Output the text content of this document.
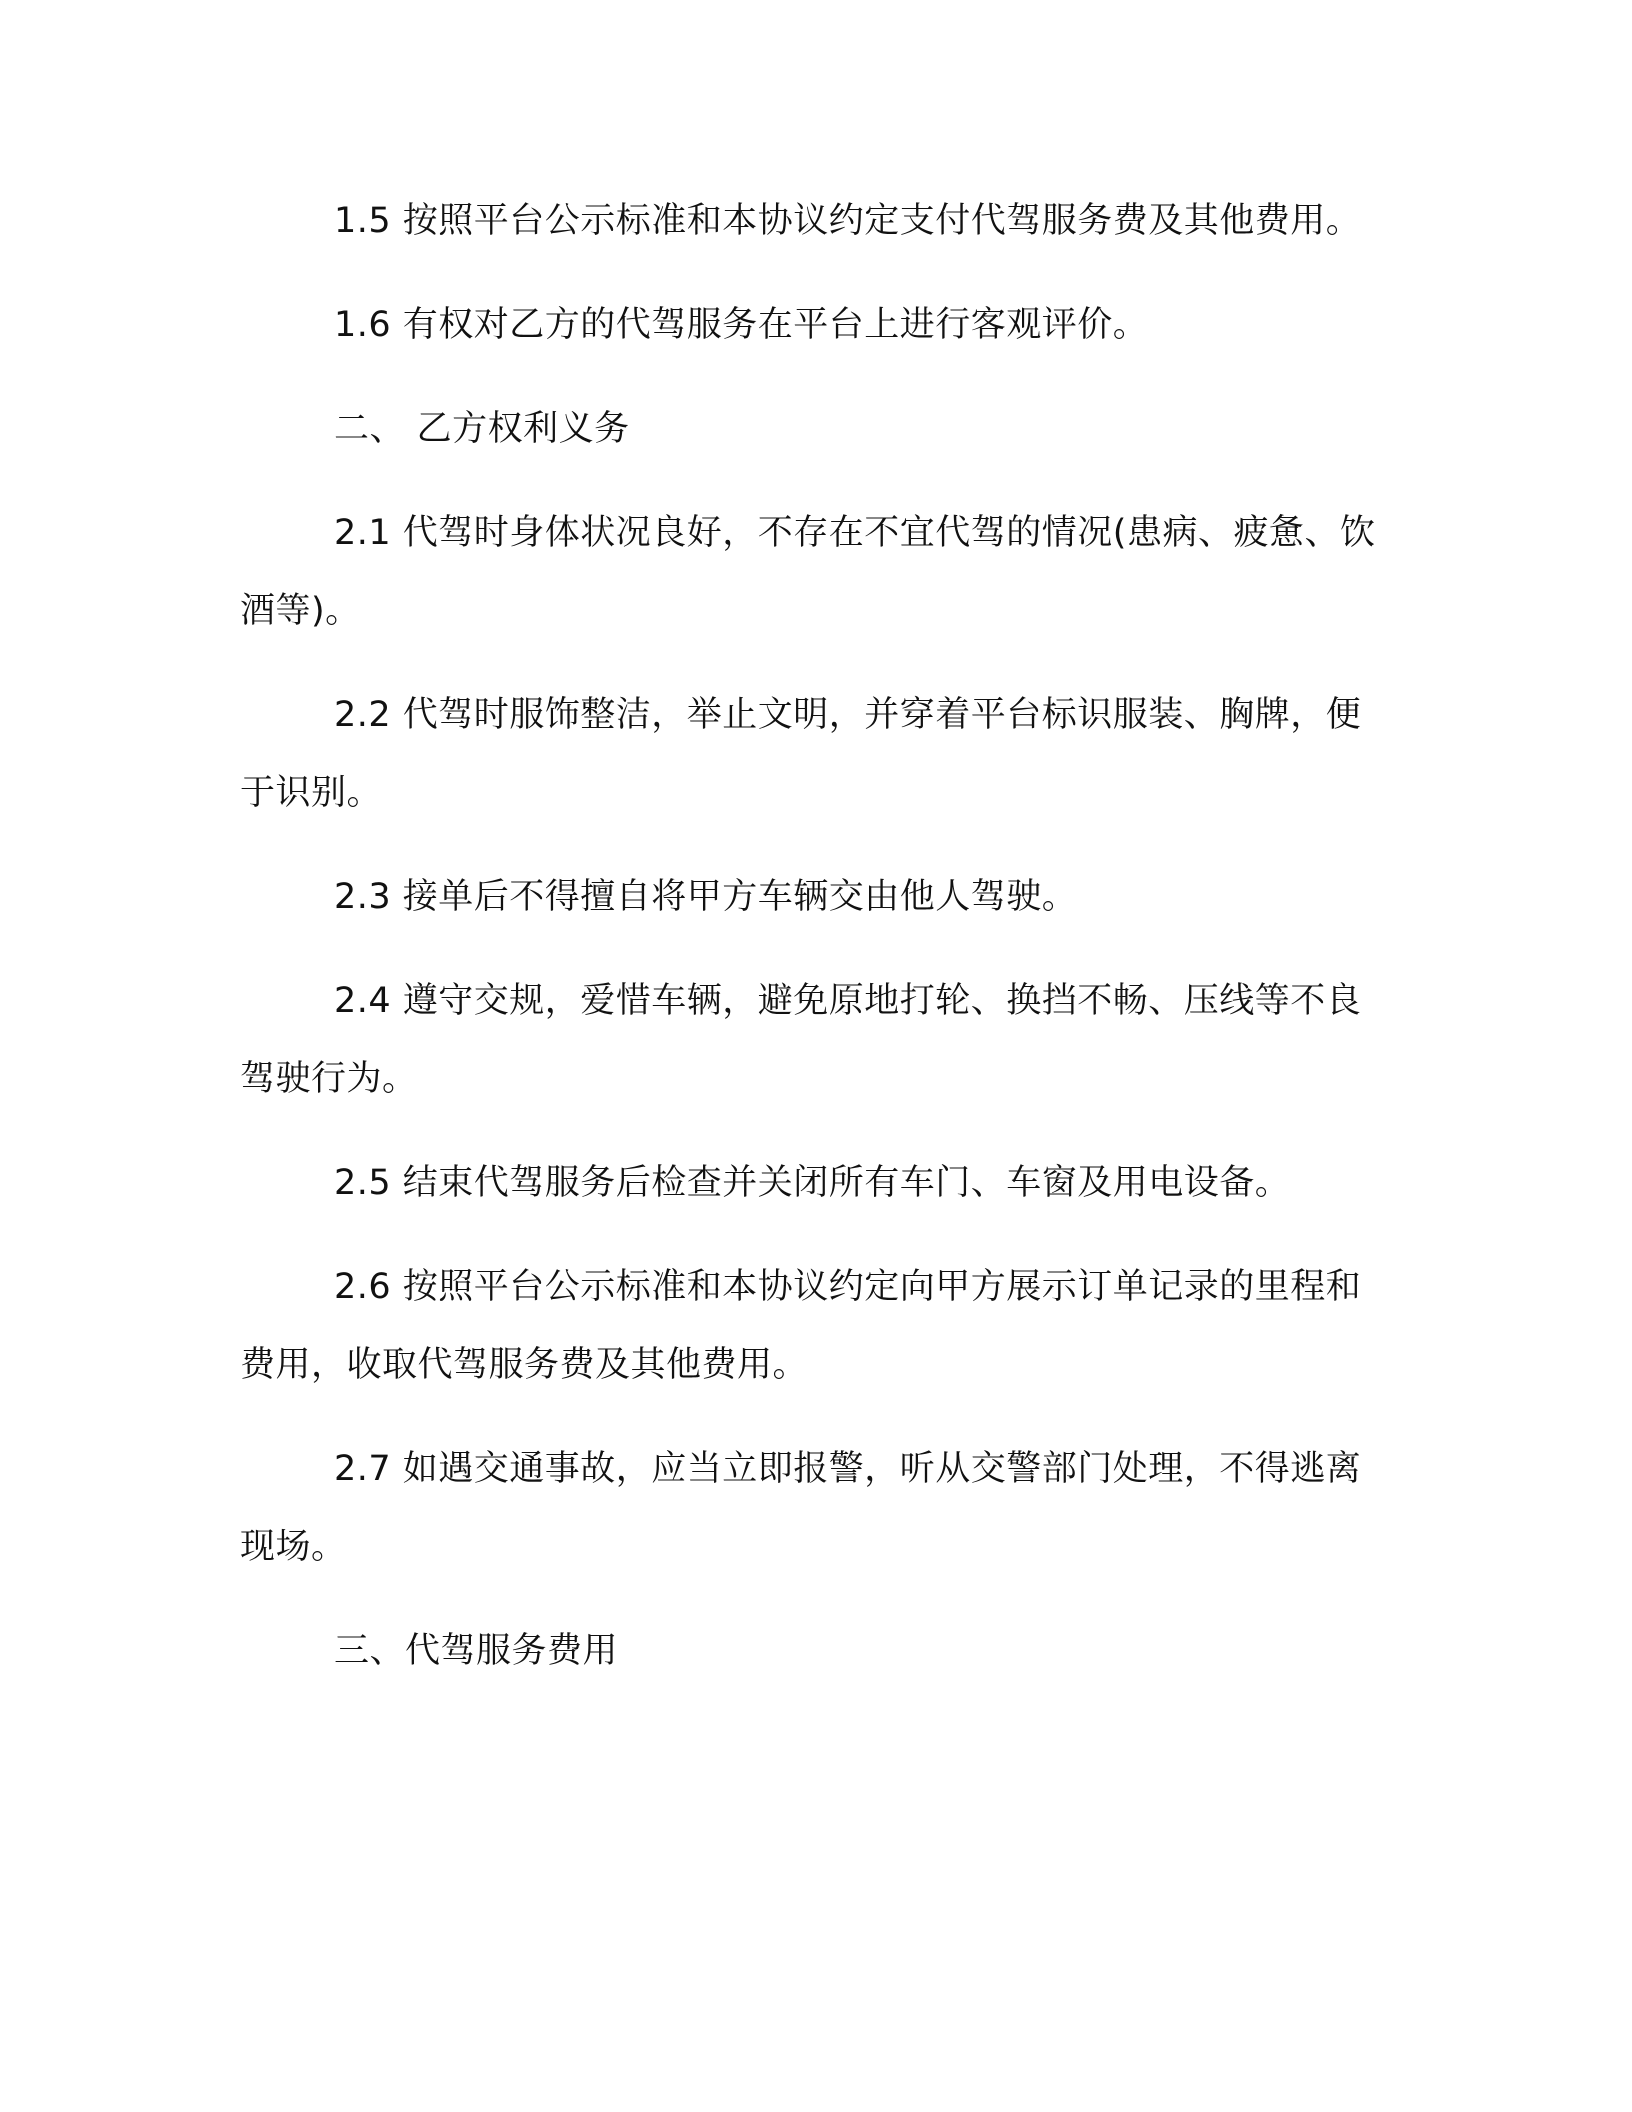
1.5 按照平台公示标准和本协议约定支付代驾服务费及其他费用。

1.6 有权对乙方的代驾服务在平台上进行客观评价。

二、 乙方权利义务

2.1 代驾时身体状况良好，不存在不宜代驾的情况(患病、疲惫、饮酒等)。

2.2 代驾时服饰整洁，举止文明，并穿着平台标识服装、胸牌，便于识别。

2.3 接单后不得擅自将甲方车辆交由他人驾驶。

2.4 遵守交规，爱惜车辆，避免原地打轮、换挡不畅、压线等不良驾驶行为。

2.5 结束代驾服务后检查并关闭所有车门、车窗及用电设备。

2.6 按照平台公示标准和本协议约定向甲方展示订单记录的里程和费用，收取代驾服务费及其他费用。

2.7 如遇交通事故，应当立即报警，听从交警部门处理，不得逃离现场。

三、代驾服务费用
